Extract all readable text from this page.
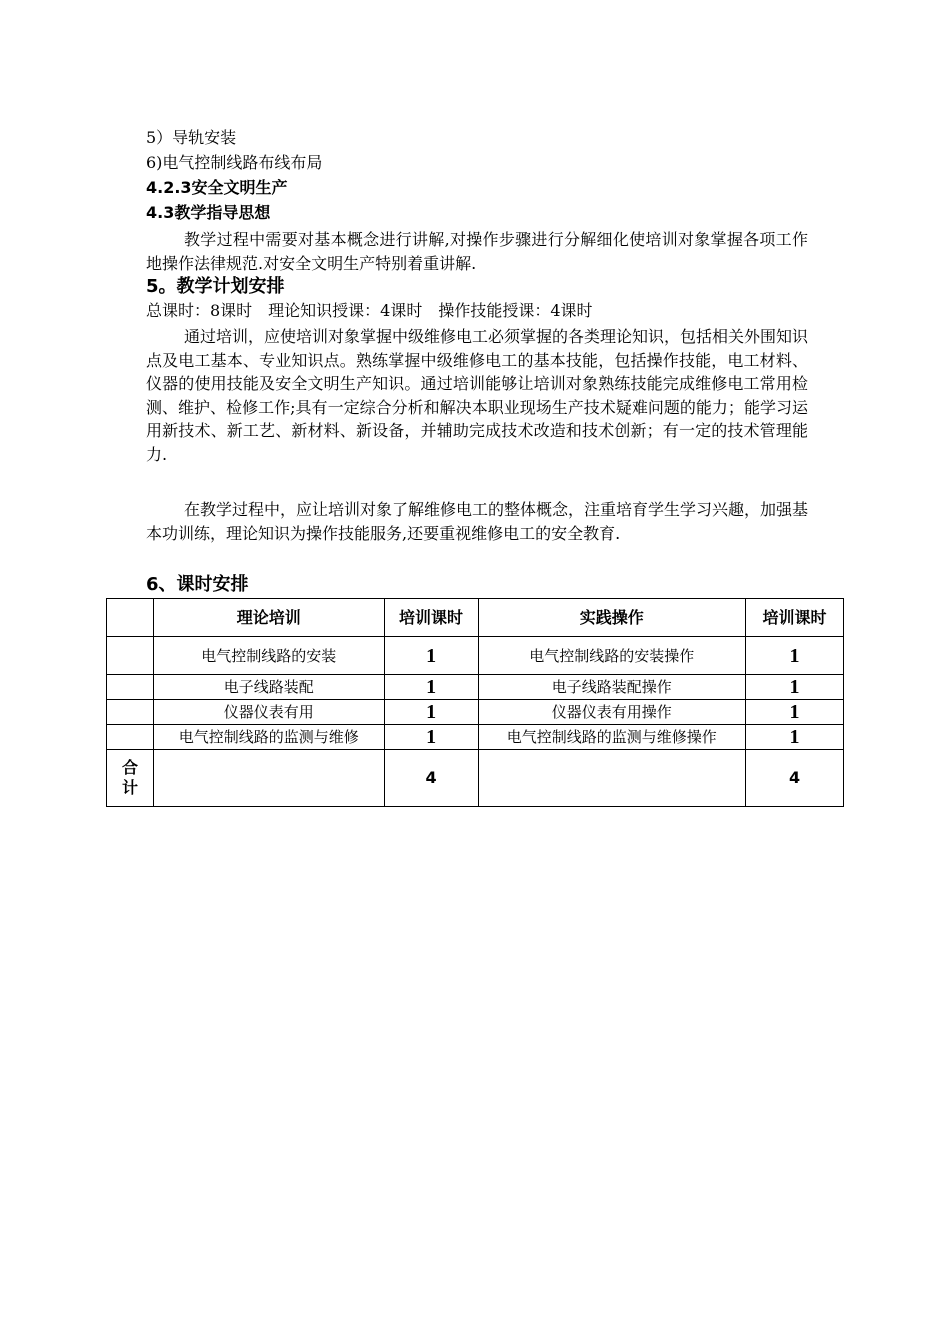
5）导轨安装
6)电气控制线路布线布局
4.2.3安全文明生产
4.3教学指导思想
教学过程中需要对基本概念进行讲解,对操作步骤进行分解细化使培训对象掌握各项工作地操作法律规范.对安全文明生产特别着重讲解.
5。教学计划安排
总课时：8课时　理论知识授课：4课时　操作技能授课：4课时
通过培训，应使培训对象掌握中级维修电工必须掌握的各类理论知识，包括相关外围知识点及电工基本、专业知识点。熟练掌握中级维修电工的基本技能，包括操作技能，电工材料、仪器的使用技能及安全文明生产知识。通过培训能够让培训对象熟练技能完成维修电工常用检测、维护、检修工作;具有一定综合分析和解决本职业现场生产技术疑难问题的能力；能学习运用新技术、新工艺、新材料、新设备，并辅助完成技术改造和技术创新；有一定的技术管理能力.
在教学过程中，应让培训对象了解维修电工的整体概念，注重培育学生学习兴趣，加强基本功训练，理论知识为操作技能服务,还要重视维修电工的安全教育.
6、课时安排
	理论培训	培训课时	实践操作	培训课时
	电气控制线路的安装	1	电气控制线路的安装操作	1
	电子线路装配	1	电子线路装配操作	1
	仪器仪表有用	1	仪器仪表有用操作	1
	电气控制线路的监测与维修	1	电气控制线路的监测与维修操作	1

合
计		4		4
